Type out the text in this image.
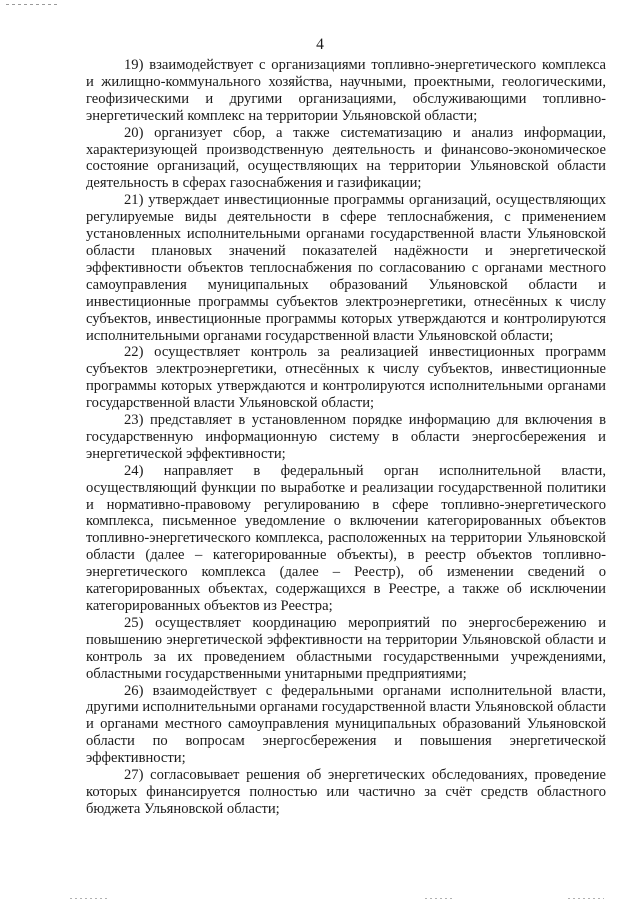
4

19) взаимодействует с организациями топливно-энергетического комплекса и жилищно-коммунального хозяйства, научными, проектными, геологическими, геофизическими и другими организациями, обслуживающими топливно-энергетический комплекс на территории Ульяновской области;

20) организует сбор, а также систематизацию и анализ информации, характеризующей производственную деятельность и финансово-экономическое состояние организаций, осуществляющих на территории Ульяновской области деятельность в сферах газоснабжения и газификации;

21) утверждает инвестиционные программы организаций, осуществляющих регулируемые виды деятельности в сфере теплоснабжения, с применением установленных исполнительными органами государственной власти Ульяновской области плановых значений показателей надёжности и энергетической эффективности объектов теплоснабжения по согласованию с органами местного самоуправления муниципальных образований Ульяновской области и инвестиционные программы субъектов электроэнергетики, отнесённых к числу субъектов, инвестиционные программы которых утверждаются и контролируются исполнительными органами государственной власти Ульяновской области;

22) осуществляет контроль за реализацией инвестиционных программ субъектов электроэнергетики, отнесённых к числу субъектов, инвестиционные программы которых утверждаются и контролируются исполнительными органами государственной власти Ульяновской области;

23) представляет в установленном порядке информацию для включения в государственную информационную систему в области энергосбережения и энергетической эффективности;

24) направляет в федеральный орган исполнительной власти, осуществляющий функции по выработке и реализации государственной политики и нормативно-правовому регулированию в сфере топливно-энергетического комплекса, письменное уведомление о включении категорированных объектов топливно-энергетического комплекса, расположенных на территории Ульяновской области (далее – категорированные объекты), в реестр объектов топливно-энергетического комплекса (далее – Реестр), об изменении сведений о категорированных объектах, содержащихся в Реестре, а также об исключении категорированных объектов из Реестра;

25) осуществляет координацию мероприятий по энергосбережению и повышению энергетической эффективности на территории Ульяновской области и контроль за их проведением областными государственными учреждениями, областными государственными унитарными предприятиями;

26) взаимодействует с федеральными органами исполнительной власти, другими исполнительными органами государственной власти Ульяновской области и органами местного самоуправления муниципальных образований Ульяновской области по вопросам энергосбережения и повышения энергетической эффективности;

27) согласовывает решения об энергетических обследованиях, проведение которых финансируется полностью или частично за счёт средств областного бюджета Ульяновской области;
